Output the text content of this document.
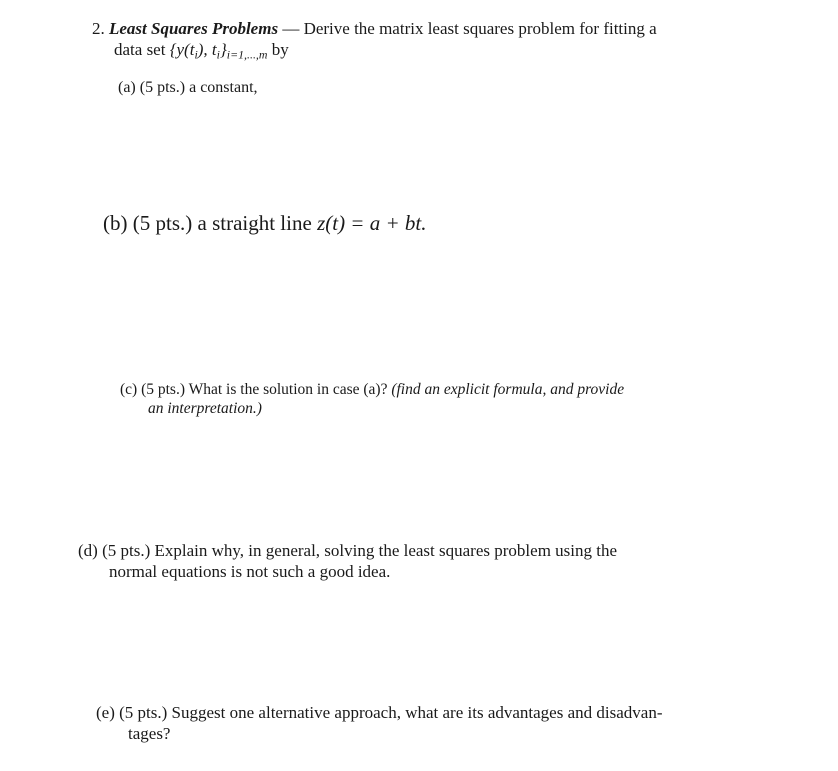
2. Least Squares Problems — Derive the matrix least squares problem for fitting a
data set {$y(t_i)$, $t_i\}_{i=1,...,m}$ by
(a) (5 pts.) a constant,
(b) (5 pts.) a straight line z(t) = a + bt.
(c) (5 pts.) What is the solution in case (a)? (find an explicit formula, and provide
an interpretation.)
(d) (5 pts.) Explain why, in general, solving the least squares problem using the
normal equations is not such a good idea.
(e) (5 pts.) Suggest one alternative approach, what are its advantages and disadvan-
tages?
